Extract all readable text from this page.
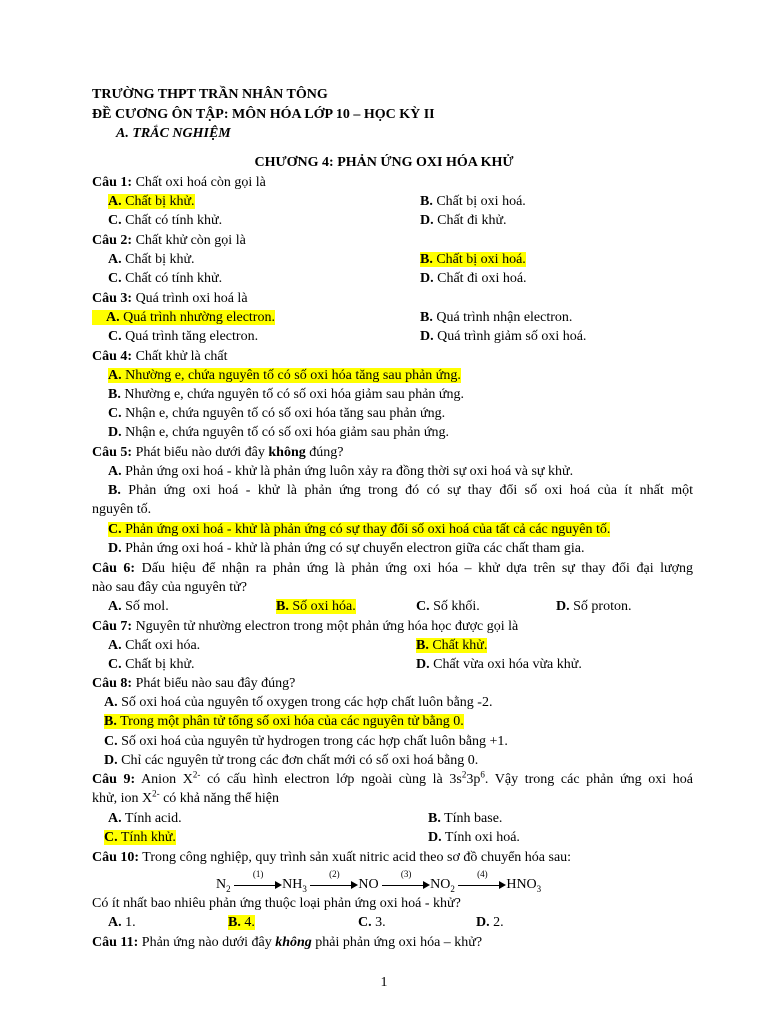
TRƯỜNG THPT TRẦN NHÂN TÔNG
ĐỀ CƯƠNG ÔN TẬP: MÔN HÓA LỚP 10 – HỌC KỲ II
A. TRẮC NGHIỆM
CHƯƠNG 4: PHẢN ỨNG OXI HÓA KHỬ
Câu 1: Chất oxi hoá còn gọi là
A. Chất bị khử.	B. Chất bị oxi hoá.
C. Chất có tính khử.	D. Chất đi khử.
Câu 2: Chất khử còn gọi là
A. Chất bị khử.	B. Chất bị oxi hoá.
C. Chất có tính khử.	D. Chất đi oxi hoá.
Câu 3: Quá trình oxi hoá là
A. Quá trình nhường electron.	B. Quá trình nhận electron.
C. Quá trình tăng electron.	D. Quá trình giảm số oxi hoá.
Câu 4: Chất khử là chất
A. Nhường e, chứa nguyên tố có số oxi hóa tăng sau phản ứng.
B. Nhường e, chứa nguyên tố có số oxi hóa giảm sau phản ứng.
C. Nhận e, chứa nguyên tố có số oxi hóa tăng sau phản ứng.
D. Nhận e, chứa nguyên tố có số oxi hóa giảm sau phản ứng.
Câu 5: Phát biểu nào dưới đây không đúng?
A. Phản ứng oxi hoá - khử là phản ứng luôn xảy ra đồng thời sự oxi hoá và sự khử.
B. Phản ứng oxi hoá - khử là phản ứng trong đó có sự thay đổi số oxi hoá của ít nhất một
nguyên tố.
C. Phản ứng oxi hoá - khử là phản ứng có sự thay đổi số oxi hoá của tất cả các nguyên tố.
D. Phản ứng oxi hoá - khử là phản ứng có sự chuyển electron giữa các chất tham gia.
Câu 6: Dấu hiệu để nhận ra phản ứng là phản ứng oxi hóa – khử dựa trên sự thay đổi đại lượng
nào sau đây của nguyên tử?
A. Số mol.	B. Số oxi hóa.	C. Số khối.	D. Số proton.
Câu 7: Nguyên tử nhường electron trong một phản ứng hóa học được gọi là
A. Chất oxi hóa.	B. Chất khử.
C. Chất bị khử.	D. Chất vừa oxi hóa vừa khử.
Câu 8: Phát biểu nào sau đây đúng?
A. Số oxi hoá của nguyên tố oxygen trong các hợp chất luôn bằng -2.
B. Trong một phân tử tổng số oxi hóa của các nguyên tử bằng 0.
C. Số oxi hoá của nguyên tử hydrogen trong các hợp chất luôn bằng +1.
D. Chỉ các nguyên tử trong các đơn chất mới có số oxi hoá bằng 0.
Câu 9: Anion $X^{2-}$ có cấu hình electron lớp ngoài cùng là $3s^23p^6$. Vậy trong các phản ứng oxi hoá
khử, ion $X^{2-}$ có khả năng thể hiện
A. Tính acid.	B. Tính base.
C. Tính khử.	D. Tính oxi hoá.
Câu 10: Trong công nghiệp, quy trình sản xuất nitric acid theo sơ đồ chuyển hóa sau:
$N_2$
(1)
$NH_3$
(2)
NO
(3)
$NO_2$
(4)
$HNO_3$
Có ít nhất bao nhiêu phản ứng thuộc loại phản ứng oxi hoá - khử?
A. 1.	B. 4.	C. 3.	D. 2.
Câu 11: Phản ứng nào dưới đây không phải phản ứng oxi hóa – khử?
1
